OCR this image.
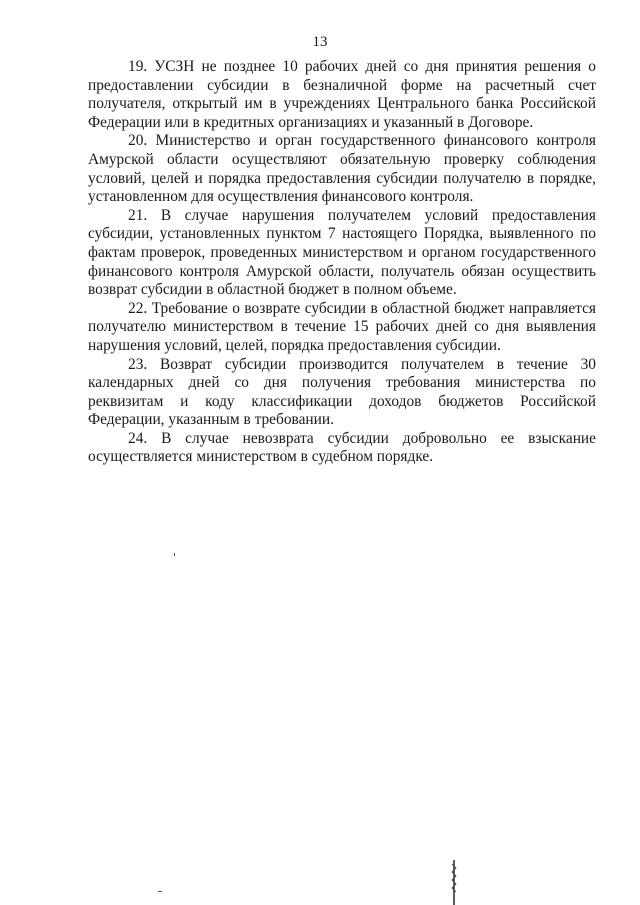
13

19. УСЗН не позднее 10 рабочих дней со дня принятия решения о предоставлении субсидии в безналичной форме на расчетный счет получателя, открытый им в учреждениях Центрального банка Российской Федерации или в кредитных организациях и указанный в Договоре.

20. Министерство и орган государственного финансового контроля Амурской области осуществляют обязательную проверку соблюдения условий, целей и порядка предоставления субсидии получателю в порядке, установленном для осуществления финансового контроля.

21. В случае нарушения получателем условий предоставления субсидии, установленных пунктом 7 настоящего Порядка, выявленного по фактам проверок, проведенных министерством и органом государственного финансового контроля Амурской области, получатель обязан осуществить возврат субсидии в областной бюджет в полном объеме.

22. Требование о возврате субсидии в областной бюджет направляется получателю министерством в течение 15 рабочих дней со дня выявления нарушения условий, целей, порядка предоставления субсидии.

23. Возврат субсидии производится получателем в течение 30 календарных дней со дня получения требования министерства по реквизитам и коду классификации доходов бюджетов Российской Федерации, указанным в требовании.

24. В случае невозврата субсидии добровольно ее взыскание осуществляется министерством в судебном порядке.
